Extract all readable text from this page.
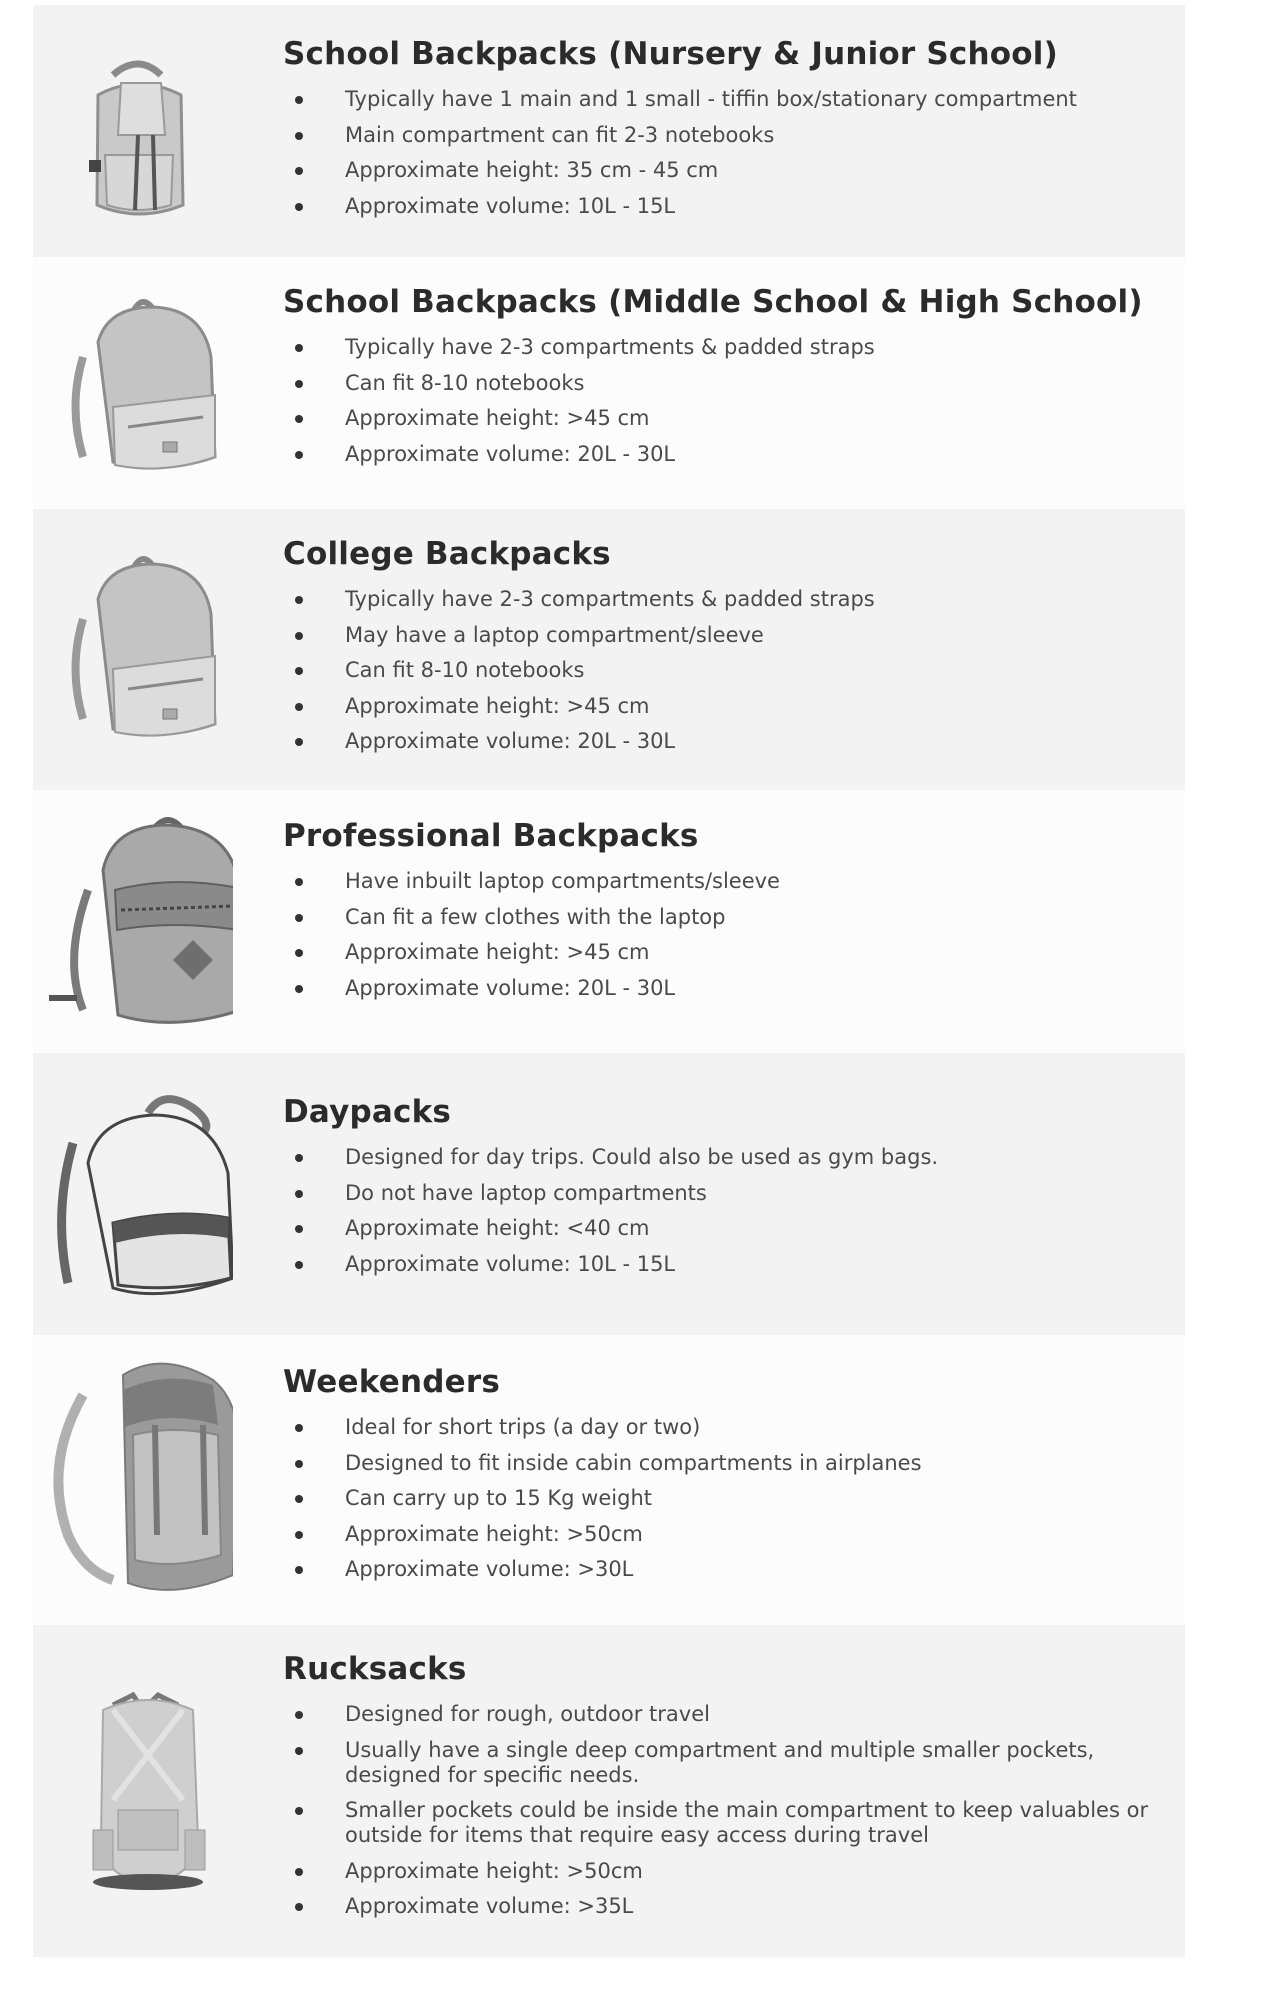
School Backpacks (Nursery & Junior School)
Typically have 1 main and 1 small - tiffin box/stationary compartment
Main compartment can fit 2-3 notebooks
Approximate height: 35 cm - 45 cm
Approximate volume: 10L - 15L
School Backpacks (Middle School & High School)
Typically have 2-3 compartments & padded straps
Can fit 8-10 notebooks
Approximate height: >45 cm
Approximate volume: 20L - 30L
College Backpacks
Typically have 2-3 compartments & padded straps
May have a laptop compartment/sleeve
Can fit 8-10 notebooks
Approximate height: >45 cm
Approximate volume: 20L - 30L
Professional Backpacks
Have inbuilt laptop compartments/sleeve
Can fit a few clothes with the laptop
Approximate height: >45 cm
Approximate volume: 20L - 30L
Daypacks
Designed for day trips. Could also be used as gym bags.
Do not have laptop compartments
Approximate height: <40 cm
Approximate volume: 10L - 15L
Weekenders
Ideal for short trips (a day or two)
Designed to fit inside cabin compartments in airplanes
Can carry up to 15 Kg weight
Approximate height: >50cm
Approximate volume: >30L
Rucksacks
Designed for rough, outdoor travel
Usually have a single deep compartment and multiple smaller pockets, designed for specific needs.
Smaller pockets could be inside the main compartment to keep valuables or outside for items that require easy access during travel
Approximate height: >50cm
Approximate volume: >35L
